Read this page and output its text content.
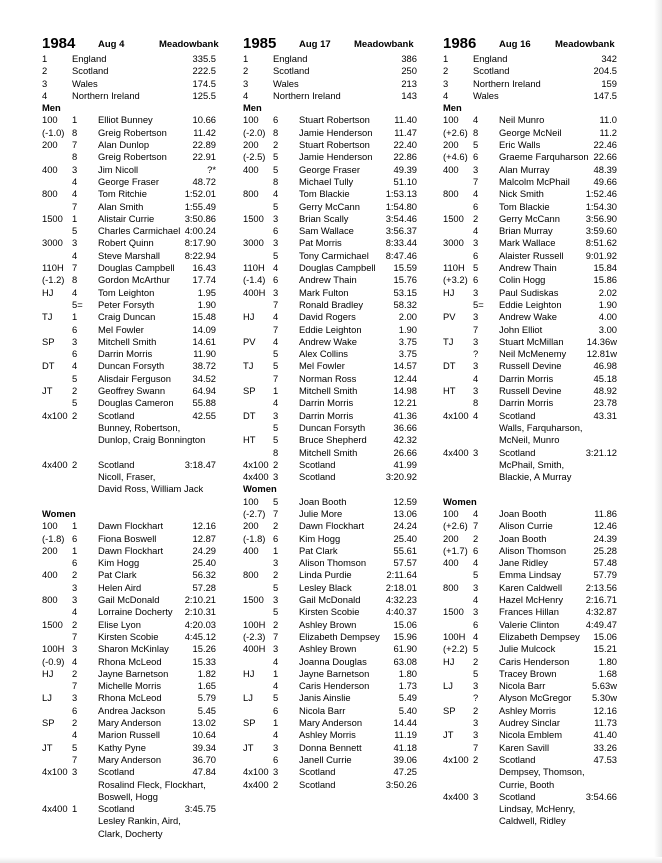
1984 Aug 4	Meadowbank
1	England	335.5
2	Scotland	222.5
3	Wales	174.5
4	Northern Ireland	125.5
Men
100 1 Elliot Bunney	10.66
(-1.0) 8 Greig Robertson	11.42
200 7 Alan Dunlop	22.89
8 Greig Robertson	22.91
400 3 Jim Nicoll	?*
4 George Fraser	48.72
800 4 Tom Ritchie	1:52.01
7 Alan Smith	1:55.49
1500 1 Alistair Currie	3:50.86
5 Charles Carmichael 4:00.24
3000 3 Robert Quinn	8:17.90
4 Steve Marshall	8:22.94
110H 7 Douglas Campbell 16.43
(-1.2) 8 Gordon McArthur 17.74
HJ 4 Tom Leighton	1.95
5= Peter Forsyth	1.90
TJ 1 Craig Duncan	15.48
6 Mel Fowler	14.09
SP 3 Mitchell Smith	14.61
6 Darrin Morris	11.90
DT 4 Duncan Forsyth	38.72
5 Alisdair Ferguson 34.52
JT 2 Geoffrey Swann	64.94
5 Douglas Cameron 55.88
4x100 2 Scotland	42.55
Bunney, Robertson,
Dunlop, Craig Bonnington
4x400 2 Scotland	3:18.47
Nicoll, Fraser,
David Ross, William Jack
Women
100 1 Dawn Flockhart	12.16
(-1.8) 6 Fiona Boswell	12.87
200 1 Dawn Flockhart	24.29
6 Kim Hogg	25.40
400 2 Pat Clark	56.32
3 Helen Aird	57.28
800 3 Gail McDonald	2:10.21
4 Lorraine Docherty 2:10.31
1500 2 Elise Lyon	4:20.03
7 Kirsten Scobie	4:45.12
100H 3 Sharon McKinlay	15.26
(-0.9) 4 Rhona McLeod	15.33
HJ 2 Jayne Barnetson	1.82
7 Michelle Morris	1.65
LJ 3 Rhona McLeod	5.79
6 Andrea Jackson	5.45
SP 2 Mary Anderson	13.02
4 Marion Russell	10.64
JT 5 Kathy Pyne	39.34
7 Mary Anderson	36.70
4x100 3 Scotland	47.84
Rosalind Fleck, Flockhart,
Boswell, Hogg
4x400 1 Scotland	3:45.75
Lesley Rankin, Aird,
Clark, Docherty
1985 Aug 17 Meadowbank
1	England	386
2	Scotland	250
3	Wales	213
4	Northern Ireland	143
Men
100 6 Stuart Robertson	11.40
(-2.0) 8 Jamie Henderson 11.47
200 2 Stuart Robertson	22.40
(-2.5) 5 Jamie Henderson 22.86
400 5 George Fraser	49.39
8 Michael Tully	51.10
800 4 Tom Blackie	1:53.13
5 Gerry McCann	1:54.80
1500 3 Brian Scally	3:54.46
6 Sam Wallace	3:56.37
3000 3 Pat Morris	8:33.44
5 Tony Carmichael 8:47.46
110H 4 Douglas Campbell 15.59
(-1.4) 6 Andrew Thain	15.76
400H 3 Mark Fulton	53.15
7 Ronald Bradley	58.32
HJ 4 David Rogers	2.00
7 Eddie Leighton	1.90
PV 4 Andrew Wake	3.75
5 Alex Collins	3.75
TJ 5 Mel Fowler	14.57
7 Norman Ross	12.44
SP 1 Mitchell Smith	14.98
4 Darrin Morris	12.21
DT 3 Darrin Morris	41.36
5 Duncan Forsyth	36.66
HT 5 Bruce Shepherd	42.32
8 Mitchell Smith	26.66
4x100 2 Scotland	41.99
4x400 3 Scotland	3:20.92
Women
100 5 Joan Booth	12.59
(-2.7) 7 Julie More	13.06
200 2 Dawn Flockhart	24.24
(-1.8) 6 Kim Hogg	25.40
400 1 Pat Clark	55.61
3 Alison Thomson	57.57
800 2 Linda Purdie	2:11.64
5 Lesley Black	2:18.01
1500 3 Gail McDonald	4:32.23
5 Kirsten Scobie	4:40.37
100H 2 Ashley Brown	15.06
(-2.3) 7 Elizabeth Dempsey 15.96
400H 3 Ashley Brown	61.90
4 Joanna Douglas	63.08
HJ 1 Jayne Barnetson	1.80
4 Caris Henderson	1.73
LJ 5 Janis Ainslie	5.49
6 Nicola Barr	5.40
SP 1 Mary Anderson	14.44
4 Ashley Morris	11.19
JT 3 Donna Bennett	41.18
6 Janell Currie	39.06
4x100 3 Scotland	47.25
4x400 2 Scotland	3:50.26
1986 Aug 16	Meadowbank
1	England	342
2	Scotland	204.5
3	Northern Ireland	159
4	Wales	147.5
Men
100 4 Neil Munro	11.0
(+2.6) 8 George McNeil	11.2
200 5 Eric Walls	22.46
(+4.6) 6 Graeme Farquharson 22.66
400 3 Alan Murray	48.39
7 Malcolm McPhail	49.66
800 4 Nick Smith	1:52.46
6 Tom Blackie	1:54.30
1500 2 Gerry McCann	3:56.90
4 Brian Murray	3:59.60
3000 3 Mark Wallace	8:51.62
6 Alaister Russell 9:01.92
110H 5 Andrew Thain	15.84
(+3.2) 6 Colin Hogg	15.86
HJ 3 Paul Sudiskas	2.02
5= Eddie Leighton	1.90
PV 3 Andrew Wake	4.00
7 John Elliot	3.00
TJ 3 Stuart McMillan 14.36w
? Neil McMenemy 12.81w
DT 3 Russell Devine	46.98
4 Darrin Morris	45.18
HT 3 Russell Devine	48.92
8 Darrin Morris	23.78
4x100 4 Scotland	43.31
Walls, Farquharson,
McNeil, Munro
4x400 3 Scotland	3:21.12
McPhail, Smith,
Blackie, A Murray
Women
100 4 Joan Booth	11.86
(+2.6) 7 Alison Currie	12.46
200 2 Joan Booth	24.39
(+1.7) 6 Alison Thomson	25.28
400 4 Jane Ridley	57.48
5 Emma Lindsay	57.79
800 3 Karen Caldwell	2:13.56
4 Hazel McHenry 2:16.71
1500 3 Frances Hillan	4:32.87
6 Valerie Clinton	4:49.47
100H 4 Elizabeth Dempsey 15.06
(+2.2) 5 Julie Mulcock	15.21
HJ 2 Caris Henderson	1.80
5 Tracey Brown	1.68
LJ 3 Nicola Barr	5.63w
? Alyson McGregor 5.30w
SP 2 Ashley Morris	12.16
3 Audrey Sinclar	11.73
JT 3 Nicola Emblem	41.40
7 Karen Savill	33.26
4x100 2 Scotland	47.53
Dempsey, Thomson,
Currie, Booth
4x400 3 Scotland	3:54.66
Lindsay, McHenry,
Caldwell, Ridley
